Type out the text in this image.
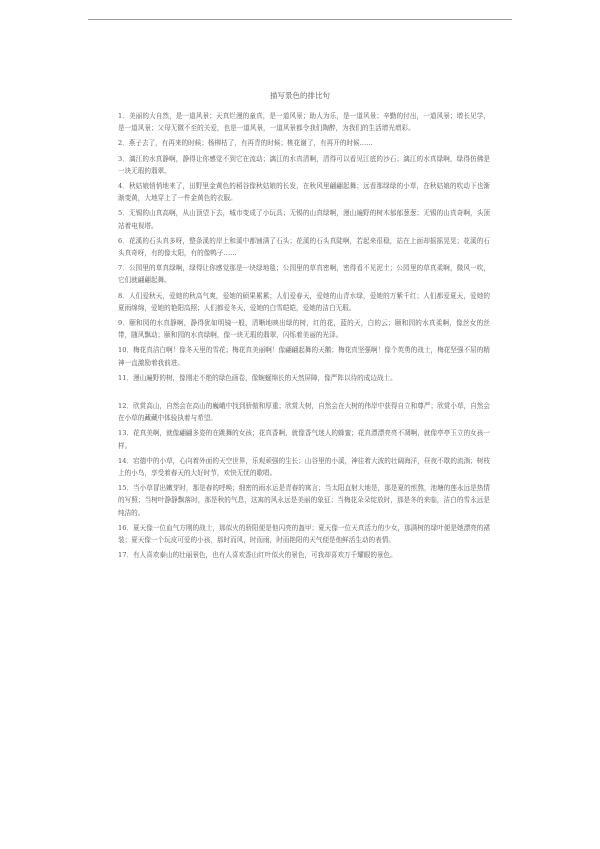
描写景色的排比句

1．美丽的大自然，是一道风景；天真烂漫的童真，是一道风景；助人为乐，是一道风景；辛勤的付出，一道风景；增长见学，是一道风景；父母无微不至的关爱，也是一道风景，一道风景都令我们陶醉，为我们的生活增光增彩。

2．燕子去了，有再来的时候；杨柳枯了，有再青的时候；桃花谢了，有再开的时候……

3．漓江的水真静啊，静得让你感觉不到它在流动；漓江的水真清啊，清得可以看见江底的沙石；漓江的水真绿啊，绿得仿佛是一块无瑕的翡翠。

4．秋姑娘悄悄地来了，田野里金黄色的稻谷像秋姑娘的长发，在秋风里翩翩起舞；远看那绿绿的小草，在秋姑娘的吹动下也渐渐变黄，大地穿上了一件金黄色的衣服。

5．无锡的山真高啊，从山顶望下去，城市变成了小玩具；无锡的山真绿啊，漫山遍野的树木郁郁葱葱；无锡的山真奇啊，头顶站着电视塔。

6．花溪的石头真多呀，整条溪的岸上和溪中都铺满了石头；花溪的石头真陡啊，若起来很稳，站在上面却摇摇晃晃；花溪的石头真奇呀，有的像太阳，有的像鸭子……

7．公园里的草真绿啊，绿得让你感觉那是一块绿地毯；公园里的草真密啊，密得看不见泥土；公园里的草真柔啊，微风一吹，它们就翩翩起舞。

8．人们爱秋天，爱她的秋高气爽，爱她的硕果累累；人们爱春天，爱她的山青水绿，爱她的万紫千红；人们都爱夏天，爱她的夏雨绵绵，爱她的艳阳高照；人们都爱冬天，爱她的白雪皑皑，爱她的洁白无瑕。

9．颐和园的水真静啊，静得犹如明镜一般，清晰地映出绿的树，红的花，蓝的天，白的云；颐和园的水真柔啊，像丝女的丝带，随风飘动；颐和园的水真绿啊，像一块无瑕的翡翠，闪烁着美丽的光泽。

10．梅花真洁白啊！像冬天里的雪花；梅花真美丽啊！像翩翩起舞的天鹅；梅花真坚强啊！像个英勇的战士，梅花坚强不屈的精神一直激励着我前进。

11．漫山遍野的树，像刚走不绝的绿色画卷，像蜿蜒绵长的天然屏障，像严阵以待的成边战士。

12．欣赏高山，自然会在高山的巍峨中找到骄傲和厚重；欣赏大树，自然会在大树的伟岸中获得自立和尊严；欣赏小草，自然会在小草的藏藏中体验执着与希望。

13．花真美啊，就像翩翩多姿的在跳舞的女孩；花真香啊，就像香气迷人的蜂蜜；花真漂漂亮亮不凋啊，就像亭亭玉立的女孩一样。

14．宕德中的小草，心向着外面的天空世界，乐观顽强的生长；山谷里的小溪，神往着大波的壮阔海洋，昼夜不歇的流淌；树枝上的小鸟，享受着春天的大好时节，欢快无忧的歌唱。

15．当小草冒出嫩芽时，那是春的呼唤；细密的雨水运是青春的寓言；当太阳直射大地是，那是夏的煎熬，池塘的莲永远是热情的写照；当树叶静静飘落时，那是秋的气息，这寓的风永远是美丽的象征；当梅花朵朵绽放时，那是冬的来临，洁白的雪永远是纯洁的。

16．夏天像一位血气方刚的战士，那似火的骄阳便是他闪亮的盔甲；夏天像一位天真活力的少女，那满树的绿叶便是她漂亮的裙装；夏天像一个玩皮可爱的小孩，那时而风，时而雨，时而艳阳的天气便是他鲜活生动的表情。

17．有人喜欢泰山的壮丽景色，也有人喜欢香山红叶似火的景色，可我却喜欢万千耀眼的景色。
